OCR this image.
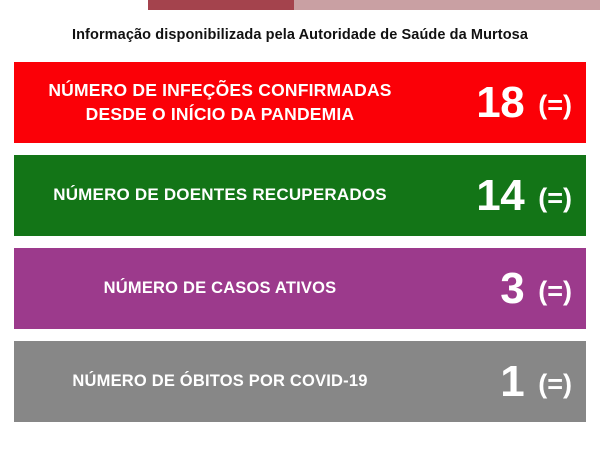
Informação disponibilizada pela Autoridade de Saúde da Murtosa
NÚMERO DE INFEÇÕES CONFIRMADAS DESDE O INÍCIO DA PANDEMIA	18 (=)
NÚMERO DE DOENTES RECUPERADOS	14 (=)
NÚMERO DE CASOS ATIVOS	3 (=)
NÚMERO DE ÓBITOS POR COVID-19	1 (=)
